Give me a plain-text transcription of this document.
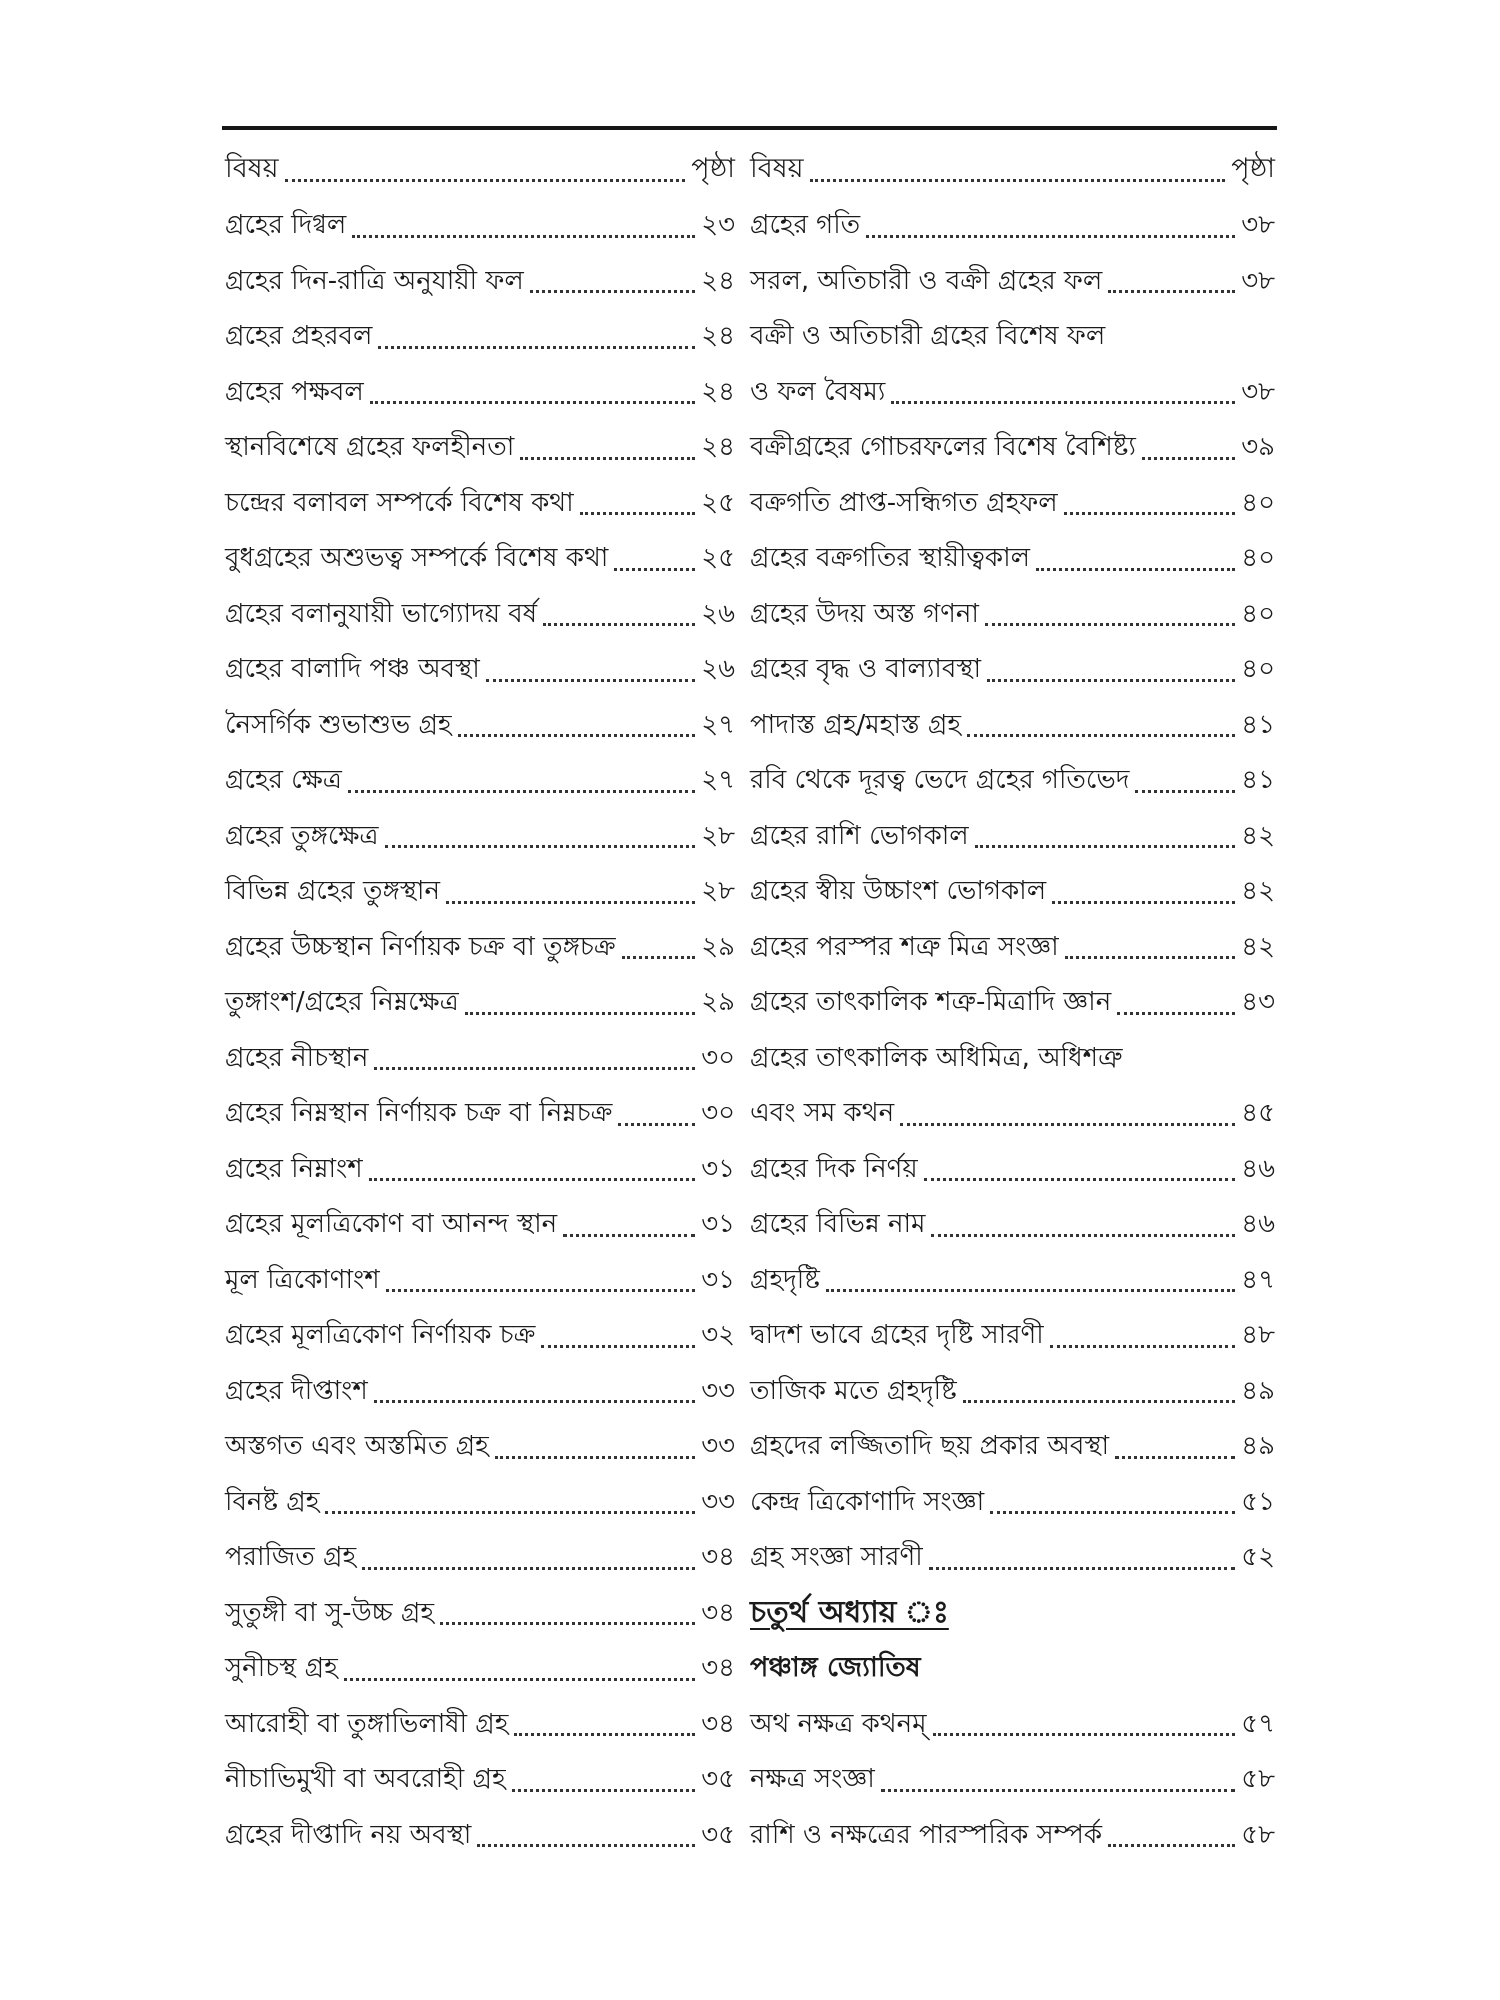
বিষয়	পৃষ্ঠা
গ্রহের দিগ্বল	২৩
গ্রহের দিন-রাত্রি অনুযায়ী ফল	২৪
গ্রহের প্রহরবল	২৪
গ্রহের পক্ষবল	২৪
স্থানবিশেষে গ্রহের ফলহীনতা	২৪
চন্দ্রের বলাবল সম্পর্কে বিশেষ কথা	২৫
বুধগ্রহের অশুভত্ব সম্পর্কে বিশেষ কথা	২৫
গ্রহের বলানুযায়ী ভাগ্যোদয় বর্ষ	২৬
গ্রহের বালাদি পঞ্চ অবস্থা	২৬
নৈসর্গিক শুভাশুভ গ্রহ	২৭
গ্রহের ক্ষেত্র	২৭
গ্রহের তুঙ্গক্ষেত্র	২৮
বিভিন্ন গ্রহের তুঙ্গস্থান	২৮
গ্রহের উচ্চস্থান নির্ণায়ক চক্র বা তুঙ্গচক্র	২৯
তুঙ্গাংশ/গ্রহের নিম্নক্ষেত্র	২৯
গ্রহের নীচস্থান	৩০
গ্রহের নিম্নস্থান নির্ণায়ক চক্র বা নিম্নচক্র	৩০
গ্রহের নিম্নাংশ	৩১
গ্রহের মূলত্রিকোণ বা আনন্দ স্থান	৩১
মূল ত্রিকোণাংশ	৩১
গ্রহের মূলত্রিকোণ নির্ণায়ক চক্র	৩২
গ্রহের দীপ্তাংশ	৩৩
অস্তগত এবং অস্তমিত গ্রহ	৩৩
বিনষ্ট গ্রহ	৩৩
পরাজিত গ্রহ	৩৪
সুতুঙ্গী বা সু-উচ্চ গ্রহ	৩৪
সুনীচস্থ গ্রহ	৩৪
আরোহী বা তুঙ্গাভিলাষী গ্রহ	৩৪
নীচাভিমুখী বা অবরোহী গ্রহ	৩৫
গ্রহের দীপ্তাদি নয় অবস্থা	৩৫
বিষয়	পৃষ্ঠা
গ্রহের গতি	৩৮
সরল, অতিচারী ও বক্রী গ্রহের ফল	৩৮
বক্রী ও অতিচারী গ্রহের বিশেষ ফল
ও ফল বৈষম্য	৩৮
বক্রীগ্রহের গোচরফলের বিশেষ বৈশিষ্ট্য	৩৯
বক্রগতি প্রাপ্ত-সন্ধিগত গ্রহফল	৪০
গ্রহের বক্রগতির স্থায়ীত্বকাল	৪০
গ্রহের উদয় অস্ত গণনা	৪০
গ্রহের বৃদ্ধ ও বাল্যাবস্থা	৪০
পাদাস্ত গ্রহ/মহাস্ত গ্রহ	৪১
রবি থেকে দূরত্ব ভেদে গ্রহের গতিভেদ	৪১
গ্রহের রাশি ভোগকাল	৪২
গ্রহের স্বীয় উচ্চাংশ ভোগকাল	৪২
গ্রহের পরস্পর শত্রু মিত্র সংজ্ঞা	৪২
গ্রহের তাৎকালিক শত্রু-মিত্রাদি জ্ঞান	৪৩
গ্রহের তাৎকালিক অধিমিত্র, অধিশত্রু
এবং সম কথন	৪৫
গ্রহের দিক নির্ণয়	৪৬
গ্রহের বিভিন্ন নাম	৪৬
গ্রহদৃষ্টি	৪৭
দ্বাদশ ভাবে গ্রহের দৃষ্টি সারণী	৪৮
তাজিক মতে গ্রহদৃষ্টি	৪৯
গ্রহদের লজ্জিতাদি ছয় প্রকার অবস্থা	৪৯
কেন্দ্র ত্রিকোণাদি সংজ্ঞা	৫১
গ্রহ সংজ্ঞা সারণী	৫২
চতুর্থ অধ্যায় ঃ
পঞ্চাঙ্গ জ্যোতিষ
অথ নক্ষত্র কথনম্	৫৭
নক্ষত্র সংজ্ঞা	৫৮
রাশি ও নক্ষত্রের পারস্পরিক সম্পর্ক	৫৮
